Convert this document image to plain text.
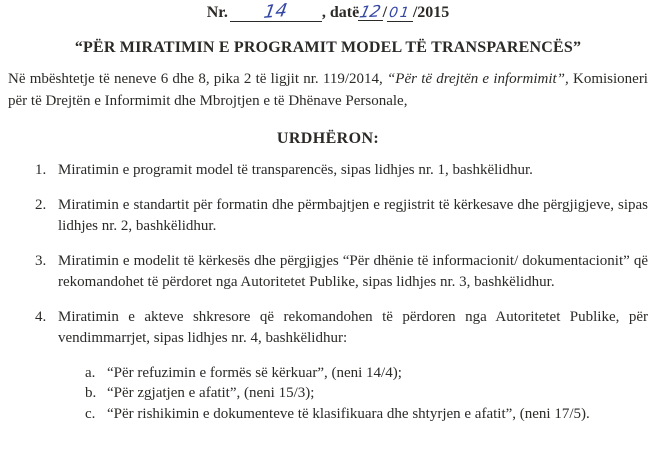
Nr. 14 , datë12/01/2015
“PËR MIRATIMIN E PROGRAMIT MODEL TË TRANSPARENCËS”

Në mbështetje të neneve 6 dhe 8, pika 2 të ligjit nr. 119/2014, “Për të drejtën e informimit”, Komisioneri për të Drejtën e Informimit dhe Mbrojtjen e të Dhënave Personale,

URDHËRON:
1. Miratimin e programit model të transparencës, sipas lidhjes nr. 1, bashkëlidhur.
2. Miratimin e standartit për formatin dhe përmbajtjen e regjistrit të kërkesave dhe përgjigjeve, sipas lidhjes nr. 2, bashkëlidhur.
3. Miratimin e modelit të kërkesës dhe përgjigjes “Për dhënie të informacionit/ dokumentacionit” që rekomandohet të përdoret nga Autoritetet Publike, sipas lidhjes nr. 3, bashkëlidhur.
4. Miratimin e akteve shkresore që rekomandohen të përdoren nga Autoritetet Publike, për vendimmarrjet, sipas lidhjes nr. 4, bashkëlidhur:
a. “Për refuzimin e formës së kërkuar”, (neni 14/4);
b. “Për zgjatjen e afatit”, (neni 15/3);
c. “Për rishikimin e dokumenteve të klasifikuara dhe shtyrjen e afatit”, (neni 17/5).
